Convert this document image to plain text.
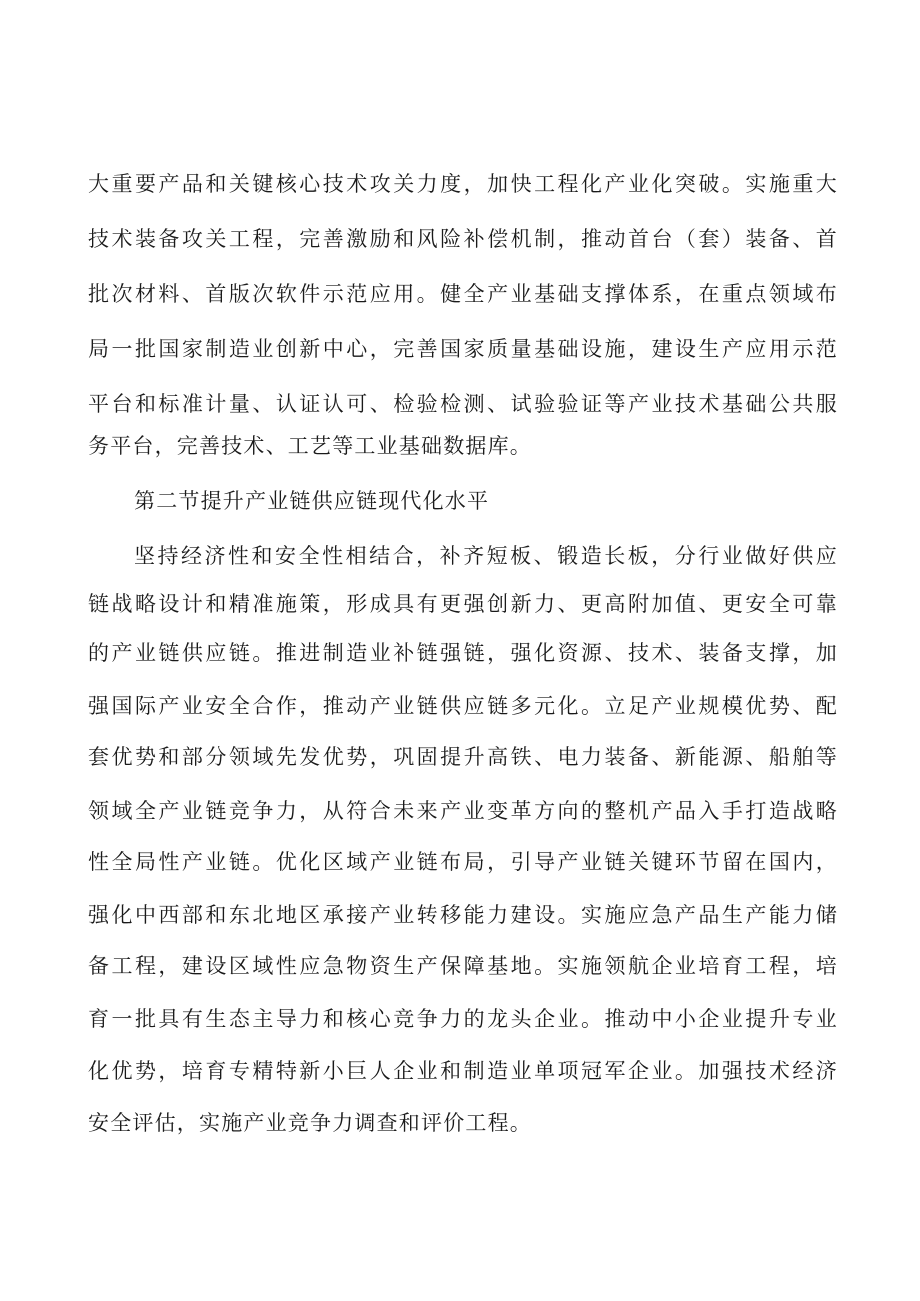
大重要产品和关键核心技术攻关力度，加快工程化产业化突破。实施重大
技术装备攻关工程，完善激励和风险补偿机制，推动首台（套）装备、首
批次材料、首版次软件示范应用。健全产业基础支撑体系，在重点领域布
局一批国家制造业创新中心，完善国家质量基础设施，建设生产应用示范
平台和标准计量、认证认可、检验检测、试验验证等产业技术基础公共服
务平台，完善技术、工艺等工业基础数据库。
第二节提升产业链供应链现代化水平
坚持经济性和安全性相结合，补齐短板、锻造长板，分行业做好供应
链战略设计和精准施策，形成具有更强创新力、更高附加值、更安全可靠
的产业链供应链。推进制造业补链强链，强化资源、技术、装备支撑，加
强国际产业安全合作，推动产业链供应链多元化。立足产业规模优势、配
套优势和部分领域先发优势，巩固提升高铁、电力装备、新能源、船舶等
领域全产业链竞争力，从符合未来产业变革方向的整机产品入手打造战略
性全局性产业链。优化区域产业链布局，引导产业链关键环节留在国内，
强化中西部和东北地区承接产业转移能力建设。实施应急产品生产能力储
备工程，建设区域性应急物资生产保障基地。实施领航企业培育工程，培
育一批具有生态主导力和核心竞争力的龙头企业。推动中小企业提升专业
化优势，培育专精特新小巨人企业和制造业单项冠军企业。加强技术经济
安全评估，实施产业竞争力调查和评价工程。
